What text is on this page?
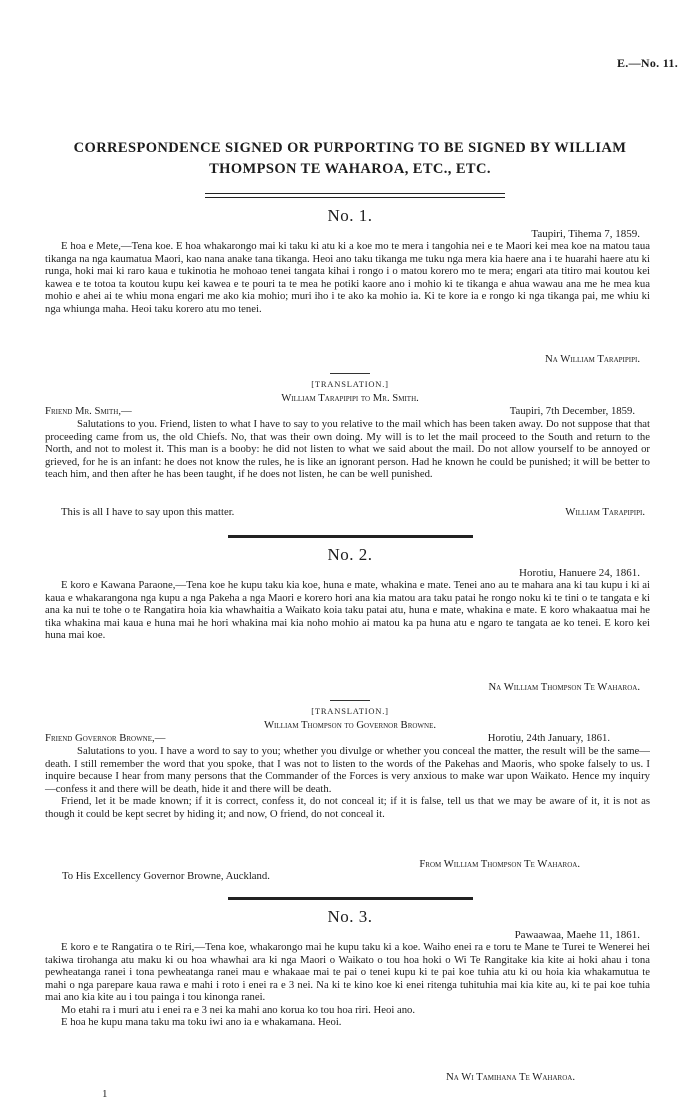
E.—No. 11.
CORRESPONDENCE SIGNED OR PURPORTING TO BE SIGNED BY WILLIAM
THOMPSON TE WAHAROA, ETC., ETC.
No. 1.
Taupiri, Tihema 7, 1859.

E hoa e Mete,—Tena koe. E hoa whakarongo mai ki taku ki atu ki a koe mo te mera i tangohia nei e te Maori kei mea koe na matou taua tikanga na nga kaumatua Maori, kao nana anake tana tikanga. Heoi ano taku tikanga me tuku nga mera kia haere ana i te huarahi haere atu ki runga, hoki mai ki raro kaua e tukinotia he mohoao tenei tangata kihai i rongo i o matou korero mo te mera; engari ata titiro mai koutou kei kawea e te totoa ta koutou kupu kei kawea e te pouri ta te mea he potiki kaore ano i mohio ki te tikanga e ahua wawau ana me he mea kua mohio e ahei ai te whiu mona engari me ako kia mohio; muri iho i te ako ka mohio ia. Ki te kore ia e rongo ki nga tikanga pai, me whiu ki nga whiunga maha. Heoi taku korero atu mo tenei.

Na William Tarapipipi.
[TRANSLATION.]
William Tarapipipi to Mr. Smith.
Friend Mr. Smith,—	Taupiri, 7th December, 1859.

Salutations to you. Friend, listen to what I have to say to you relative to the mail which has been taken away. Do not suppose that that proceeding came from us, the old Chiefs. No, that was their own doing. My will is to let the mail proceed to the South and return to the North, and not to molest it. This man is a booby: he did not listen to what we said about the mail. Do not allow yourself to be annoyed or grieved, for he is an infant: he does not know the rules, he is like an ignorant person. Had he known he could be punished; it will be better to teach him, and then after he has been taught, if he does not listen, he can be well punished.

This is all I have to say upon this matter.	William Tarapipipi.
No. 2.
Horotiu, Hanuere 24, 1861.

E koro e Kawana Paraone,—Tena koe he kupu taku kia koe, huna e mate, whakina e mate. Tenei ano au te mahara ana ki tau kupu i ki ai kaua e whakarangona nga kupu a nga Pakeha a nga Maori e korero hori ana kia matou ara taku patai he rongo noku ki te tini o te tangata e ki ana ka nui te tohe o te Rangatira hoia kia whawhaitia a Waikato koia taku patai atu, huna e mate, whakina e mate. E koro whakaatua mai he tika whakina mai kaua e huna mai he hori whakina mai kia noho mohio ai matou ka pa huna atu e ngaro te tangata ae ko tenei. E koro kei huna mai koe.

Na William Thompson Te Waharoa.
[TRANSLATION.]
William Thompson to Governor Browne.
Friend Governor Browne,—	Horotiu, 24th January, 1861.

Salutations to you. I have a word to say to you; whether you divulge or whether you conceal the matter, the result will be the same—death. I still remember the word that you spoke, that I was not to listen to the words of the Pakehas and Maoris, who spoke falsely to us. I inquire because I hear from many persons that the Commander of the Forces is very anxious to make war upon Waikato. Hence my inquiry—confess it and there will be death, hide it and there will be death.

Friend, let it be made known; if it is correct, confess it, do not conceal it; if it is false, tell us that we may be aware of it, it is not as though it could be kept secret by hiding it; and now, O friend, do not conceal it.

From William Thompson Te Waharoa.
To His Excellency Governor Browne, Auckland.
No. 3.
Pawaawaa, Maehe 11, 1861.

E koro e te Rangatira o te Riri,—Tena koe, whakarongo mai he kupu taku ki a koe. Waiho enei ra e toru te Mane te Turei te Wenerei hei takiwa tirohanga atu maku ki ou hoa whawhai ara ki nga Maori o Waikato o tou hoa hoki o Wi Te Rangitake kia kite ai hoki ahau i tona pewheatanga ranei i tona pewheatanga ranei mau e whakaae mai te pai o tenei kupu ki te pai koe tuhia atu ki ou hoia kia whakamutua te mahi o nga parepare kaua rawa e mahi i roto i enei ra e 3 nei. Na ki te kino koe ki enei ritenga tuhituhia mai kia kite au, ki te pai koe tuhia mai ano kia kite au i tou painga i tou kinonga ranei.

Mo etahi ra i muri atu i enei ra e 3 nei ka mahi ano korua ko tou hoa riri. Heoi ano.

E hoa he kupu mana taku ma toku iwi ano ia e whakamana. Heoi.

Na Wi Tamihana Te Waharoa.
1
